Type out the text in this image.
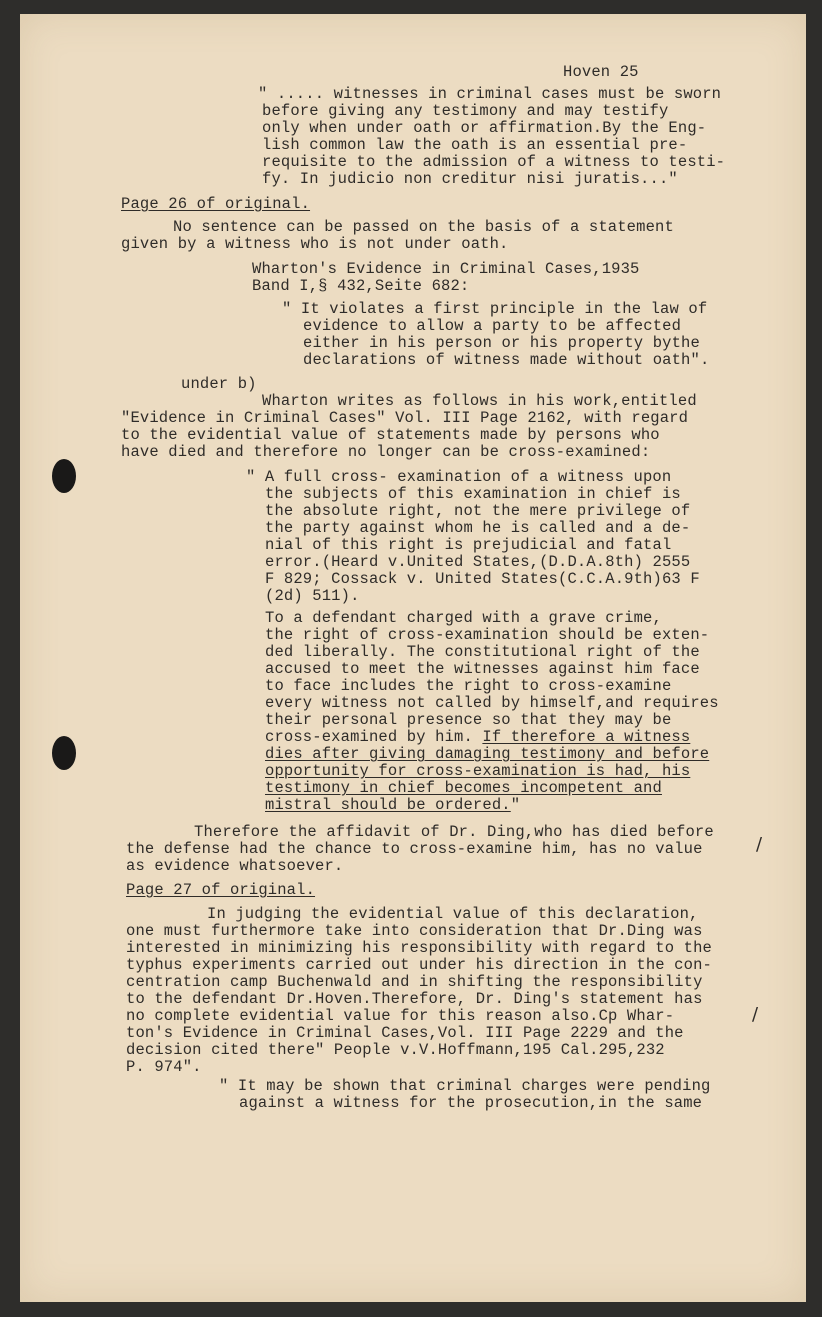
Hoven 25

" ..... witnesses in criminal cases must be sworn

before giving any testimony and may testify

only when under oath or affirmation.By the Eng-

lish common law the oath is an essential pre-

requisite to the admission of a witness to testi-

fy. In judicio non creditur nisi juratis..."

Page 26 of original.

No sentence can be passed on the basis of a statement

given by a witness who is not under oath.

Wharton's Evidence in Criminal Cases,1935

Band I,§ 432,Seite 682:

" It violates a first principle in the law of

evidence to allow a party to be affected

either in his person or his property bythe

declarations of witness made without oath".

under b)

Wharton writes as follows in his work,entitled

"Evidence in Criminal Cases" Vol. III Page 2162, with regard

to the evidential value of statements made by persons who

have died and therefore no longer can be cross-examined:

" A full cross- examination of a witness upon

the subjects of this examination in chief is

the absolute right, not the mere privilege of

the party against whom he is called and a de-

nial of this right is prejudicial and fatal

error.(Heard v.United States,(D.D.A.8th) 2555

F 829; Cossack v. United States(C.C.A.9th)63 F

(2d) 511).

To a defendant charged with a grave crime,

the right of cross-examination should be exten-

ded liberally. The constitutional right of the

accused to meet the witnesses against him face

to face includes the right to cross-examine

every witness not called by himself,and requires

their personal presence so that they may be

cross-examined by him. If therefore a witness

dies after giving damaging testimony and before

opportunity for cross-examination is had, his

testimony in chief becomes incompetent and

mistral should be ordered."

Therefore the affidavit of Dr. Ding,who has died before

the defense had the chance to cross-examine him, has no value

as evidence whatsoever.

/

Page 27 of original.

In judging the evidential value of this declaration,

one must furthermore take into consideration that Dr.Ding was

interested in minimizing his responsibility with regard to the

typhus experiments carried out under his direction in the con-

centration camp Buchenwald and in shifting the responsibility

to the defendant Dr.Hoven.Therefore, Dr. Ding's statement has

no complete evidential value for this reason also.Cp Whar-

ton's Evidence in Criminal Cases,Vol. III Page 2229 and the

decision cited there" People v.V.Hoffmann,195 Cal.295,232

P. 974".

/

" It may be shown that criminal charges were pending

against a witness for the prosecution,in the same
